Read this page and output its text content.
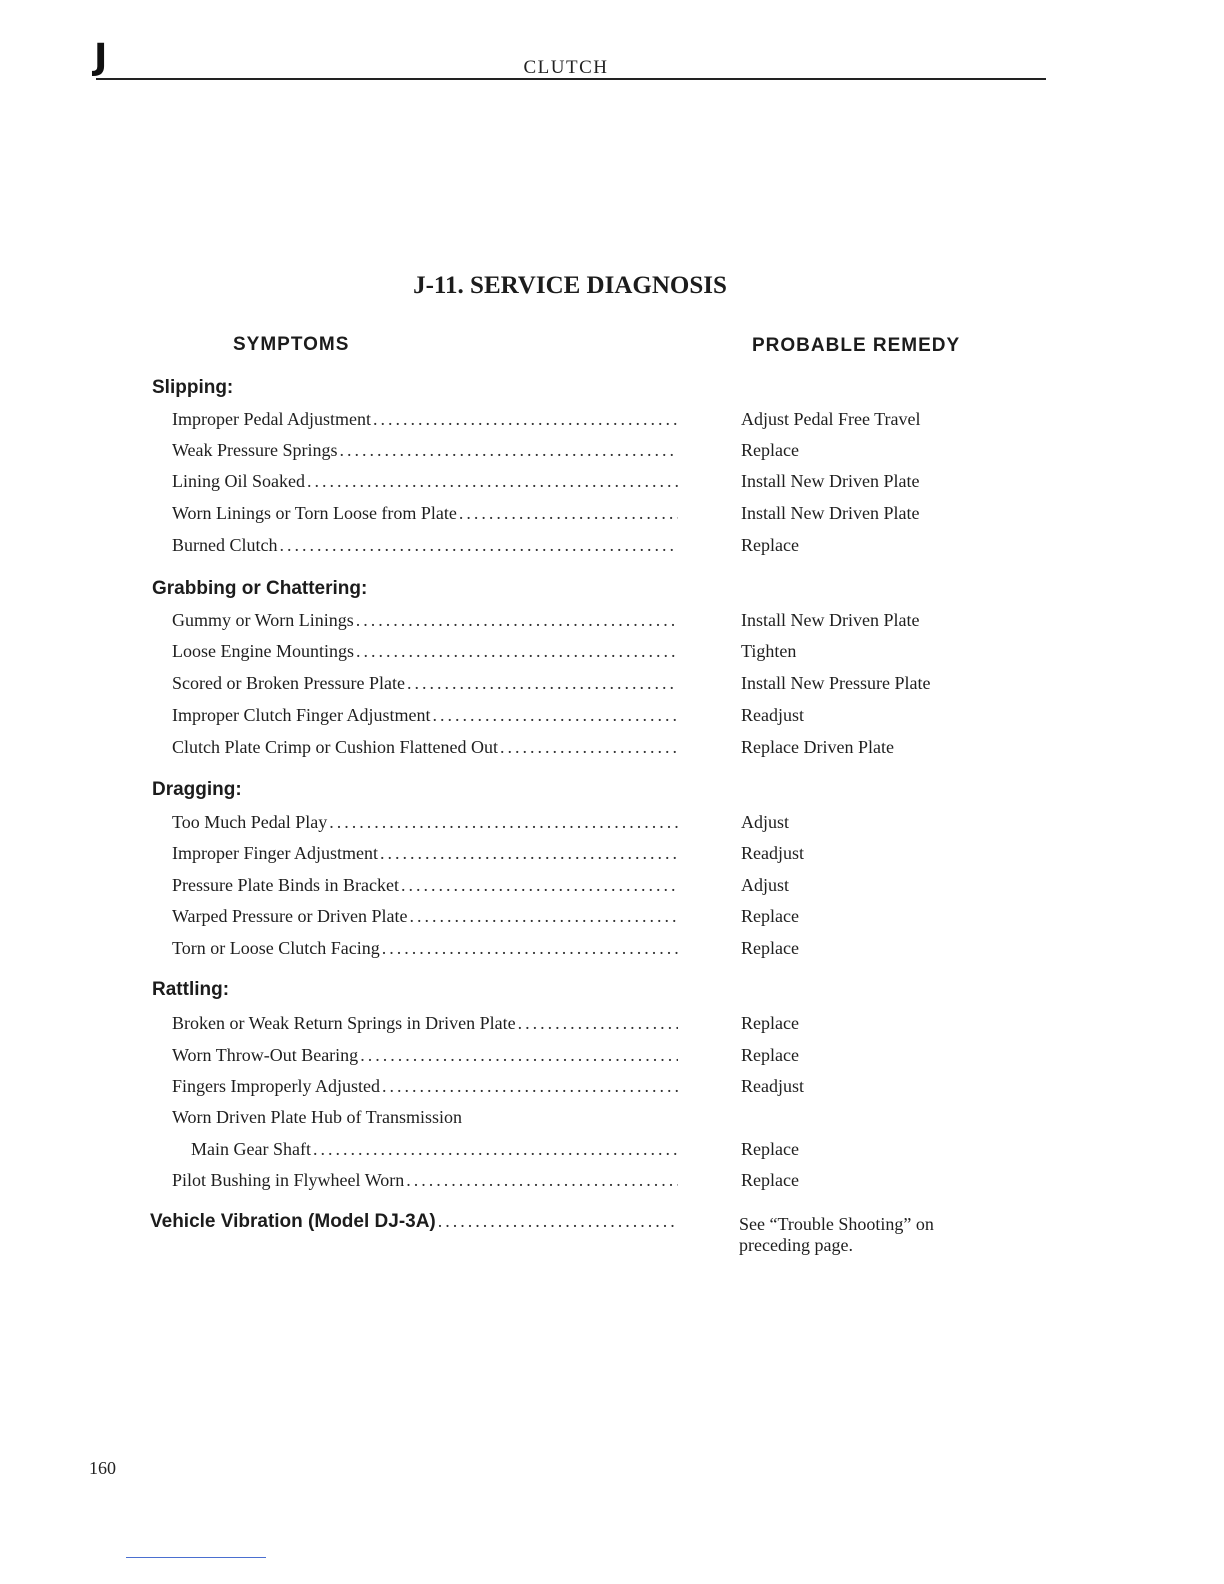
J	CLUTCH
J-11. SERVICE DIAGNOSIS
SYMPTOMS	PROBABLE REMEDY
Slipping:
Improper Pedal Adjustment .....	Adjust Pedal Free Travel
Weak Pressure Springs .....	Replace
Lining Oil Soaked .....	Install New Driven Plate
Worn Linings or Torn Loose from Plate .....	Install New Driven Plate
Burned Clutch .....	Replace
Grabbing or Chattering:
Gummy or Worn Linings .....	Install New Driven Plate
Loose Engine Mountings .....	Tighten
Scored or Broken Pressure Plate .....	Install New Pressure Plate
Improper Clutch Finger Adjustment .....	Readjust
Clutch Plate Crimp or Cushion Flattened Out .....	Replace Driven Plate
Dragging:
Too Much Pedal Play .....	Adjust
Improper Finger Adjustment .....	Readjust
Pressure Plate Binds in Bracket .....	Adjust
Warped Pressure or Driven Plate .....	Replace
Torn or Loose Clutch Facing .....	Replace
Rattling:
Broken or Weak Return Springs in Driven Plate .....	Replace
Worn Throw-Out Bearing .....	Replace
Fingers Improperly Adjusted .....	Readjust
Worn Driven Plate Hub of Transmission
Main Gear Shaft .....	Replace
Pilot Bushing in Flywheel Worn .....	Replace
Vehicle Vibration (Model DJ-3A) .....	See “Trouble Shooting” on preceding page.
160
